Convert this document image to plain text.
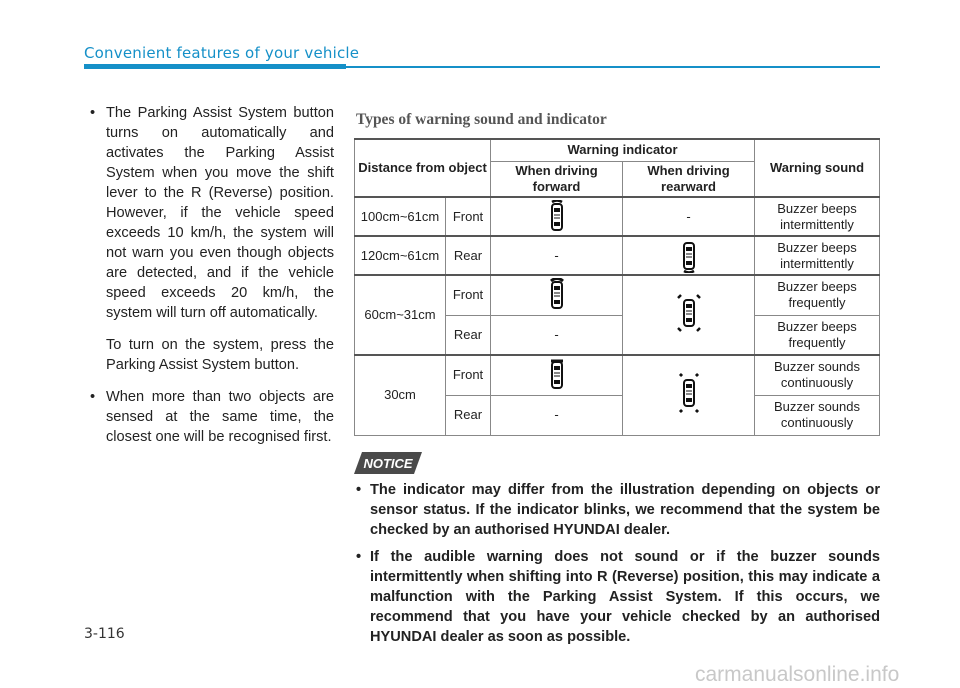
Convenient features of your vehicle
• The Parking Assist System button turns on automatically and activates the Parking Assist System when you move the shift lever to the R (Reverse) position. However, if the vehicle speed exceeds 10 km/h, the system will not warn you even though objects are detected, and if the vehicle speed exceeds 20 km/h, the system will turn off automatically.

To turn on the system, press the Parking Assist System button.

• When more than two objects are sensed at the same time, the closest one will be recognised first.
Types of warning sound and indicator
Distance from object		Warning indicator		Warning sound
		When driving forward	When driving rearward	
100cm~61cm	Front		-	Buzzer beeps intermittently
120cm~61cm	Rear	-		Buzzer beeps intermittently
60cm~31cm	Front			Buzzer beeps frequently
	Rear	-		Buzzer beeps frequently
30cm	Front			Buzzer sounds continuously
	Rear	-		Buzzer sounds continuously
NOTICE
• The indicator may differ from the illustration depending on objects or sensor status. If the indicator blinks, we recommend that the system be checked by an authorised HYUNDAI dealer.
• If the audible warning does not sound or if the buzzer sounds intermittently when shifting into R (Reverse) position, this may indicate a malfunction with the Parking Assist System. If this occurs, we recommend that you have your vehicle checked by an authorised HYUNDAI dealer as soon as possible.
3-116
carmanualsonline.info
